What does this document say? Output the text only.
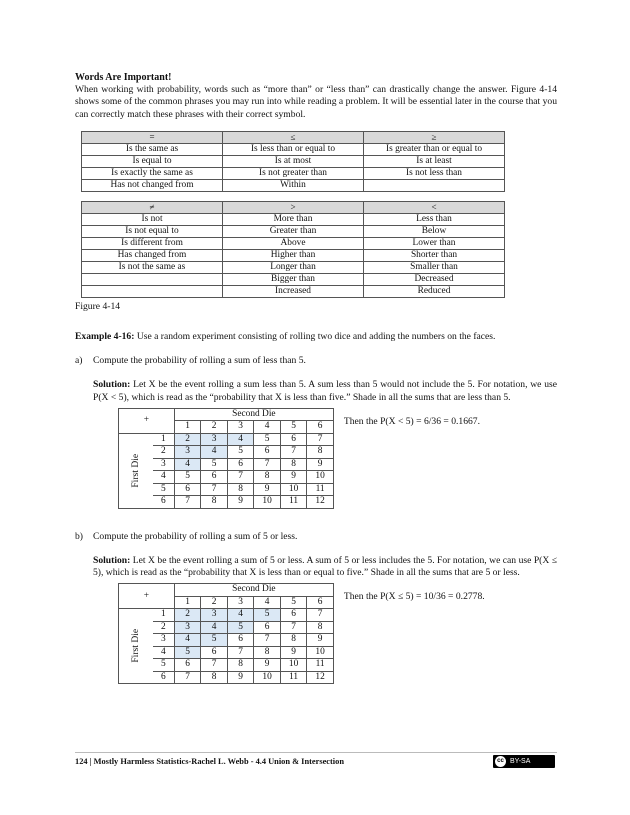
Words Are Important!

When working with probability, words such as “more than” or “less than” can drastically change the answer. Figure 4-14 shows some of the common phrases you may run into while reading a problem. It will be essential later in the course that you can correctly match these phrases with their correct symbol.

=	≤	≥
Is the same as	Is less than or equal to	Is greater than or equal to
Is equal to	Is at most	Is at least
Is exactly the same as	Is not greater than	Is not less than
Has not changed from	Within	
≠	>	<
Is not	More than	Less than
Is not equal to	Greater than	Below
Is different from	Above	Lower than
Has changed from	Higher than	Shorter than
Is not the same as	Longer than	Smaller than
	Bigger than	Decreased
	Increased	Reduced

Figure 4-14

Example 4-16: Use a random experiment consisting of rolling two dice and adding the numbers on the faces.

a)	Compute the probability of rolling a sum of less than 5.

Solution: Let X be the event rolling a sum less than 5. A sum less than 5 would not include the 5. For notation, we use P(X < 5), which is read as the “probability that X is less than five.” Shade in all the sums that are less than 5.

+		Second Die					
		1	2	3	4	5	6
First Die	1	2	3	4	5	6	7
	2	3	4	5	6	7	8
	3	4	5	6	7	8	9
	4	5	6	7	8	9	10
	5	6	7	8	9	10	11
	6	7	8	9	10	11	12
Then the P(X < 5) = 6/36 = 0.1667.
b)	Compute the probability of rolling a sum of 5 or less.

Solution: Let X be the event rolling a sum of 5 or less. A sum of 5 or less includes the 5. For notation, we can use P(X ≤ 5), which is read as the “probability that X is less than or equal to five.” Shade in all the sums that are 5 or less.

+		Second Die					
		1	2	3	4	5	6
First Die	1	2	3	4	5	6	7
	2	3	4	5	6	7	8
	3	4	5	6	7	8	9
	4	5	6	7	8	9	10
	5	6	7	8	9	10	11
	6	7	8	9	10	11	12
Then the P(X ≤ 5) = 10/36 = 0.2778.
124 | Mostly Harmless Statistics-Rachel L. Webb - 4.4 Union & Intersection	cc BY-SA
